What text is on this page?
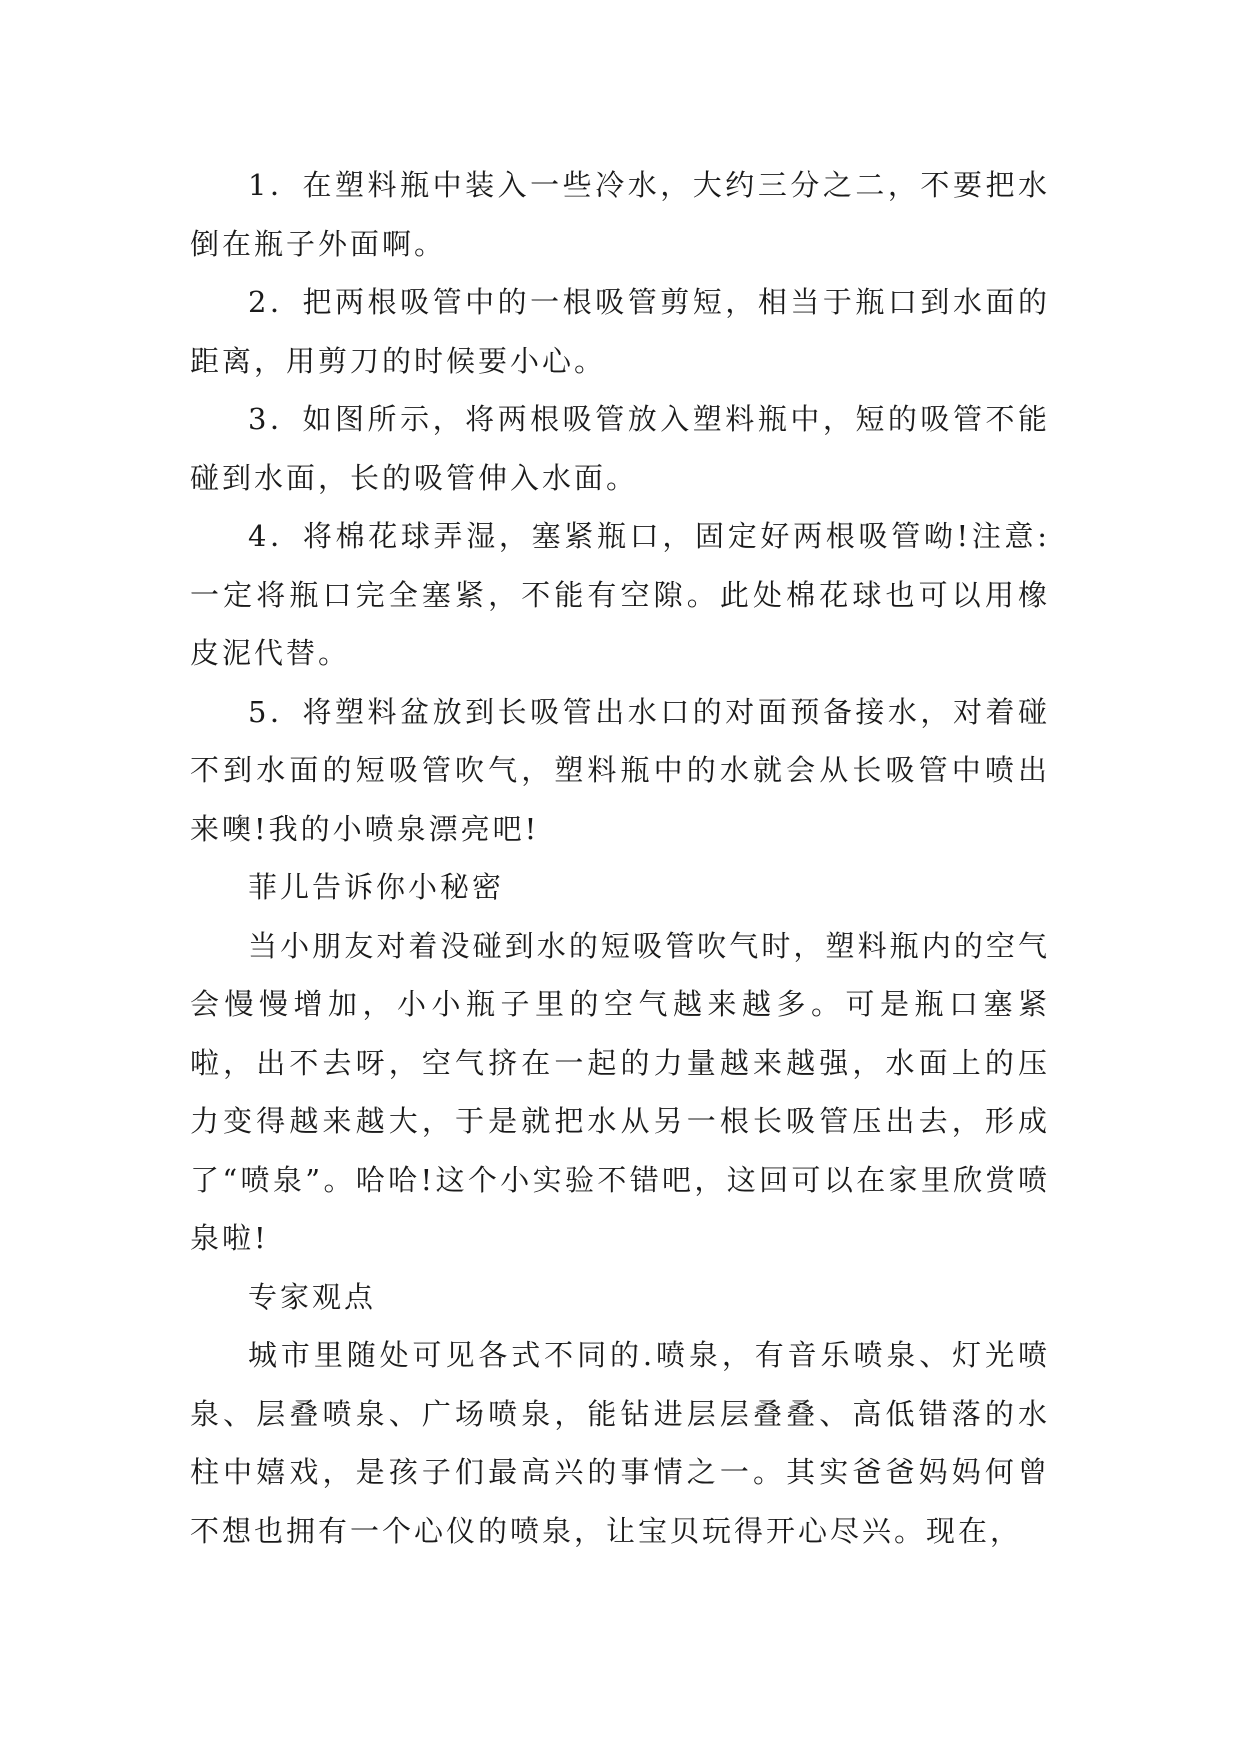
1．在塑料瓶中装入一些冷水，大约三分之二，不要把水倒在瓶子外面啊。

2．把两根吸管中的一根吸管剪短，相当于瓶口到水面的距离，用剪刀的时候要小心。

3．如图所示，将两根吸管放入塑料瓶中，短的吸管不能碰到水面，长的吸管伸入水面。

4．将棉花球弄湿，塞紧瓶口，固定好两根吸管呦!注意:一定将瓶口完全塞紧，不能有空隙。此处棉花球也可以用橡皮泥代替。

5．将塑料盆放到长吸管出水口的对面预备接水，对着碰不到水面的短吸管吹气，塑料瓶中的水就会从长吸管中喷出来噢!我的小喷泉漂亮吧!

菲儿告诉你小秘密

当小朋友对着没碰到水的短吸管吹气时，塑料瓶内的空气会慢慢增加，小小瓶子里的空气越来越多。可是瓶口塞紧啦，出不去呀，空气挤在一起的力量越来越强，水面上的压力变得越来越大，于是就把水从另一根长吸管压出去，形成了“喷泉”。哈哈!这个小实验不错吧，这回可以在家里欣赏喷泉啦!

专家观点

城市里随处可见各式不同的.喷泉，有音乐喷泉、灯光喷泉、层叠喷泉、广场喷泉，能钻进层层叠叠、高低错落的水柱中嬉戏，是孩子们最高兴的事情之一。其实爸爸妈妈何曾不想也拥有一个心仪的喷泉，让宝贝玩得开心尽兴。现在，
